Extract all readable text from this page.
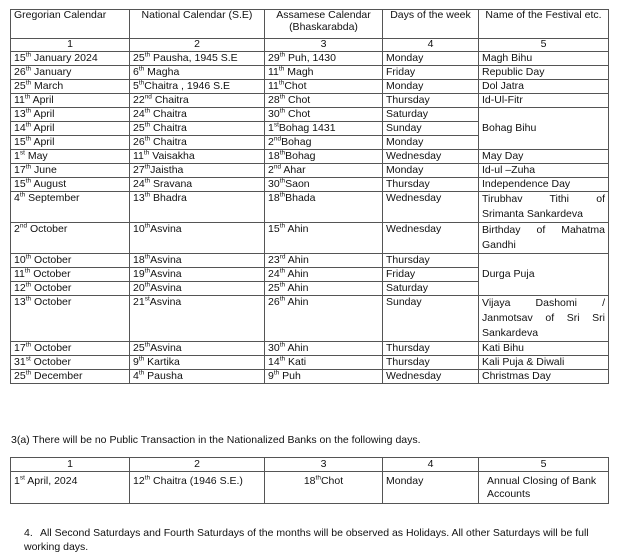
Gregorian Calendar	National Calendar (S.E)	Assamese Calendar (Bhaskarabda)	Days of the week	Name of the Festival etc.
1	2	3	4	5
15th January 2024	25th Pausha, 1945 S.E	29th Puh, 1430	Monday	Magh Bihu
26th January	6th Magha	11th Magh	Friday	Republic Day
25th March	5thChaitra , 1946 S.E	11thChot	Monday	Dol Jatra
11th April	22nd Chaitra	28th Chot	Thursday	Id-Ul-Fitr
13th April	24th Chaitra	30th Chot	Saturday	Bohag Bihu
14th April	25th Chaitra	1stBohag 1431	Sunday	
15th April	26th Chaitra	2ndBohag	Monday	
1st May	11th Vaisakha	18thBohag	Wednesday	May Day
17th June	27thJaistha	2nd Ahar	Monday	Id-ul –Zuha
15th August	24th Sravana	30thSaon	Thursday	Independence Day
4th September	13th Bhadra	18thBhada	Wednesday	Tirubhav Tithi of
Srimanta Sankardeva

2nd October	10thAsvina	15th Ahin	Wednesday	Birthday of Mahatma
Gandhi

10th October	18thAsvina	23rd Ahin	Thursday	Durga Puja
11th October	19thAsvina	24th Ahin	Friday	
12th October	20thAsvina	25th Ahin	Saturday	
13th October	21stAsvina	26th Ahin	Sunday	Vijaya Dashomi /
Janmotsav of Sri Sri
Sankardeva

17th October	25thAsvina	30th Ahin	Thursday	Kati Bihu
31st October	9th Kartika	14th Kati	Thursday	Kali Puja & Diwali
25th December	4th Pausha	9th Puh	Wednesday	Christmas Day
3(a) There will be no Public Transaction in the Nationalized Banks on the following days.
1	2	3	4	5
1st April, 2024	12th Chaitra (1946 S.E.)	18thChot	Monday	Annual Closing of Bank
Accounts
4. All Second Saturdays and Fourth Saturdays of the months will be observed as Holidays. All other Saturdays will be full working days.
